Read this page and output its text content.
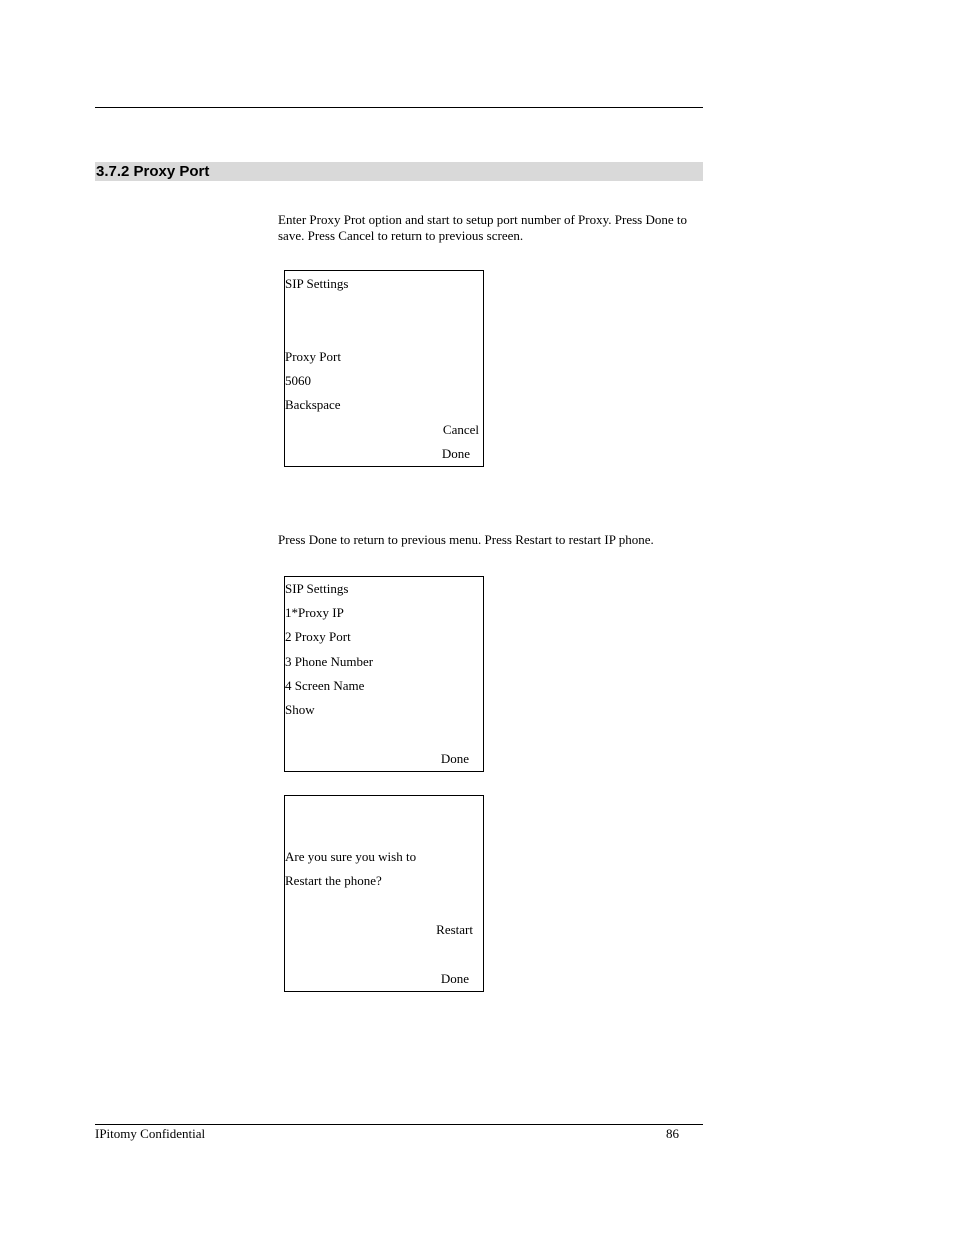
3.7.2 Proxy Port
Enter Proxy Prot option and start to setup port number of Proxy. Press Done to save. Press Cancel to return to previous screen.
SIP Settings
Proxy Port
5060
Backspace
Cancel
Done
Press Done to return to previous menu. Press Restart to restart IP phone.
SIP Settings
1*Proxy IP
2 Proxy Port
3 Phone Number
4 Screen Name
Show
Done
Are you sure you wish to
Restart the phone?
Restart
Done
IPitomy Confidential	86
